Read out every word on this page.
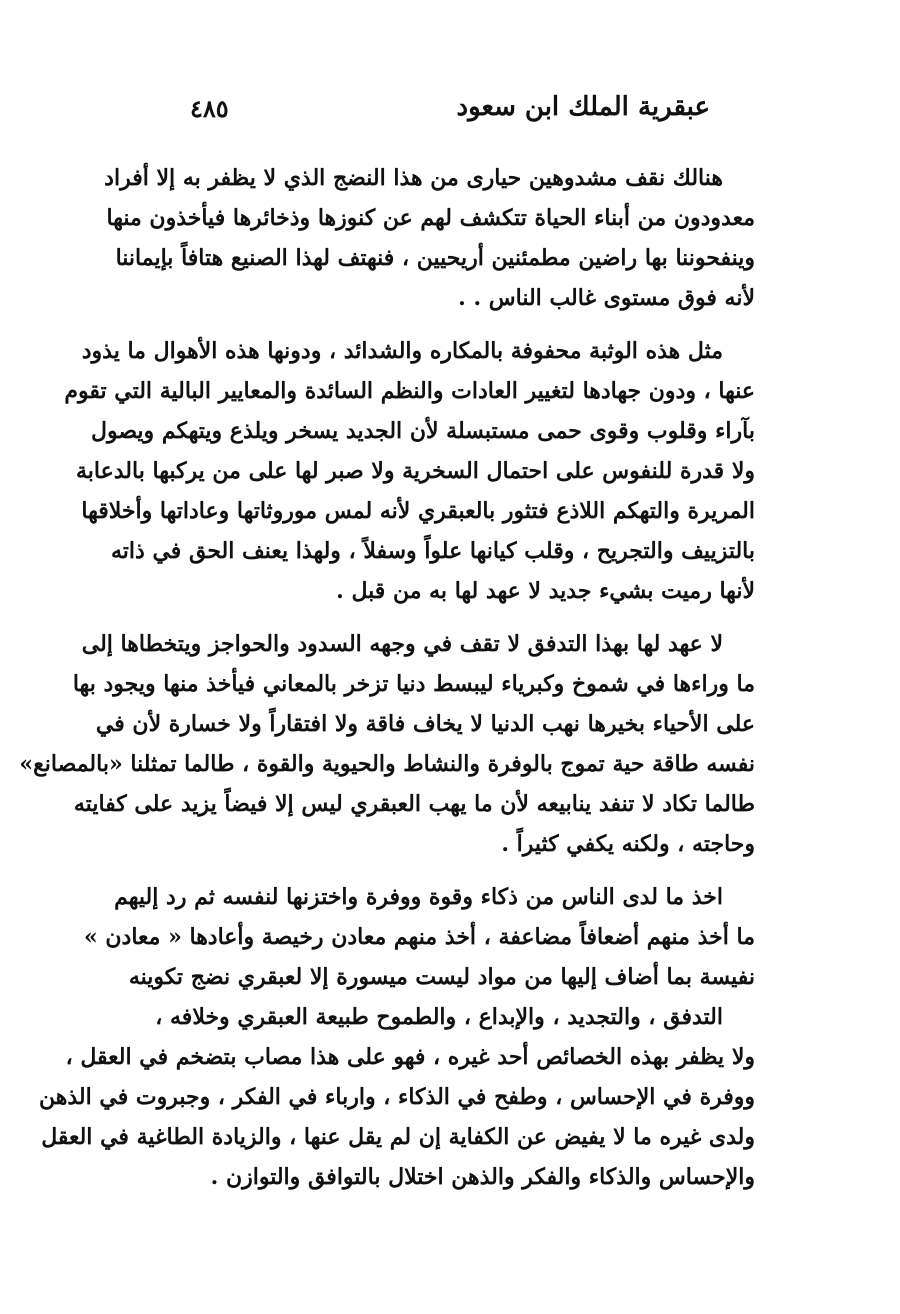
٤٨٥	عبقرية الملك ابن سعود
هنالك نقف مشدوهين حيارى من هذا النضج الذي لا يظفر به إلا أفراد
معدودون من أبناء الحياة تتكشف لهم عن كنوزها وذخائرها فيأخذون منها
وينفحوننا بها راضين مطمئنين أريحيين ، فنهتف لهذا الصنيع هتافاً بإيماننا
لأنه فوق مستوى غالب الناس . .
مثل هذه الوثبة محفوفة بالمكاره والشدائد ، ودونها هذه الأهوال ما يذود
عنها ، ودون جهادها لتغيير العادات والنظم السائدة والمعايير البالية التي تقوم
بآراء وقلوب وقوى حمى مستبسلة لأن الجديد يسخر ويلذع ويتهكم ويصول
ولا قدرة للنفوس على احتمال السخرية ولا صبر لها على من يركبها بالدعابة
المريرة والتهكم اللاذع فتثور بالعبقري لأنه لمس موروثاتها وعاداتها وأخلاقها
بالتزييف والتجريح ، وقلب كيانها علواً وسفلاً ، ولهذا يعنف الحق في ذاته
لأنها رميت بشيء جديد لا عهد لها به من قبل .
لا عهد لها بهذا التدفق لا تقف في وجهه السدود والحواجز ويتخطاها إلى
ما وراءها في شموخ وكبرياء ليبسط دنيا تزخر بالمعاني فيأخذ منها ويجود بها
على الأحياء بخيرها نهب الدنيا لا يخاف فاقة ولا افتقاراً ولا خسارة لأن في
نفسه طاقة حية تموج بالوفرة والنشاط والحيوية والقوة ، طالما تمثلنا «بالمصانع»
طالما تكاد لا تنفد ينابيعه لأن ما يهب العبقري ليس إلا فيضاً يزيد على كفايته
وحاجته ، ولكنه يكفي كثيراً .
اخذ ما لدى الناس من ذكاء وقوة ووفرة واختزنها لنفسه ثم رد إليهم
ما أخذ منهم أضعافاً مضاعفة ، أخذ منهم معادن رخيصة وأعادها « معادن »
نفيسة بما أضاف إليها من مواد ليست ميسورة إلا لعبقري نضج تكوينه
التدفق ، والتجديد ، والإبداع ، والطموح طبيعة العبقري وخلافه ،
ولا يظفر بهذه الخصائص أحد غيره ، فهو على هذا مصاب بتضخم في العقل ،
ووفرة في الإحساس ، وطفح في الذكاء ، وارباء في الفكر ، وجبروت في الذهن
ولدى غيره ما لا يفيض عن الكفاية إن لم يقل عنها ، والزيادة الطاغية في العقل
والإحساس والذكاء والفكر والذهن اختلال بالتوافق والتوازن .
